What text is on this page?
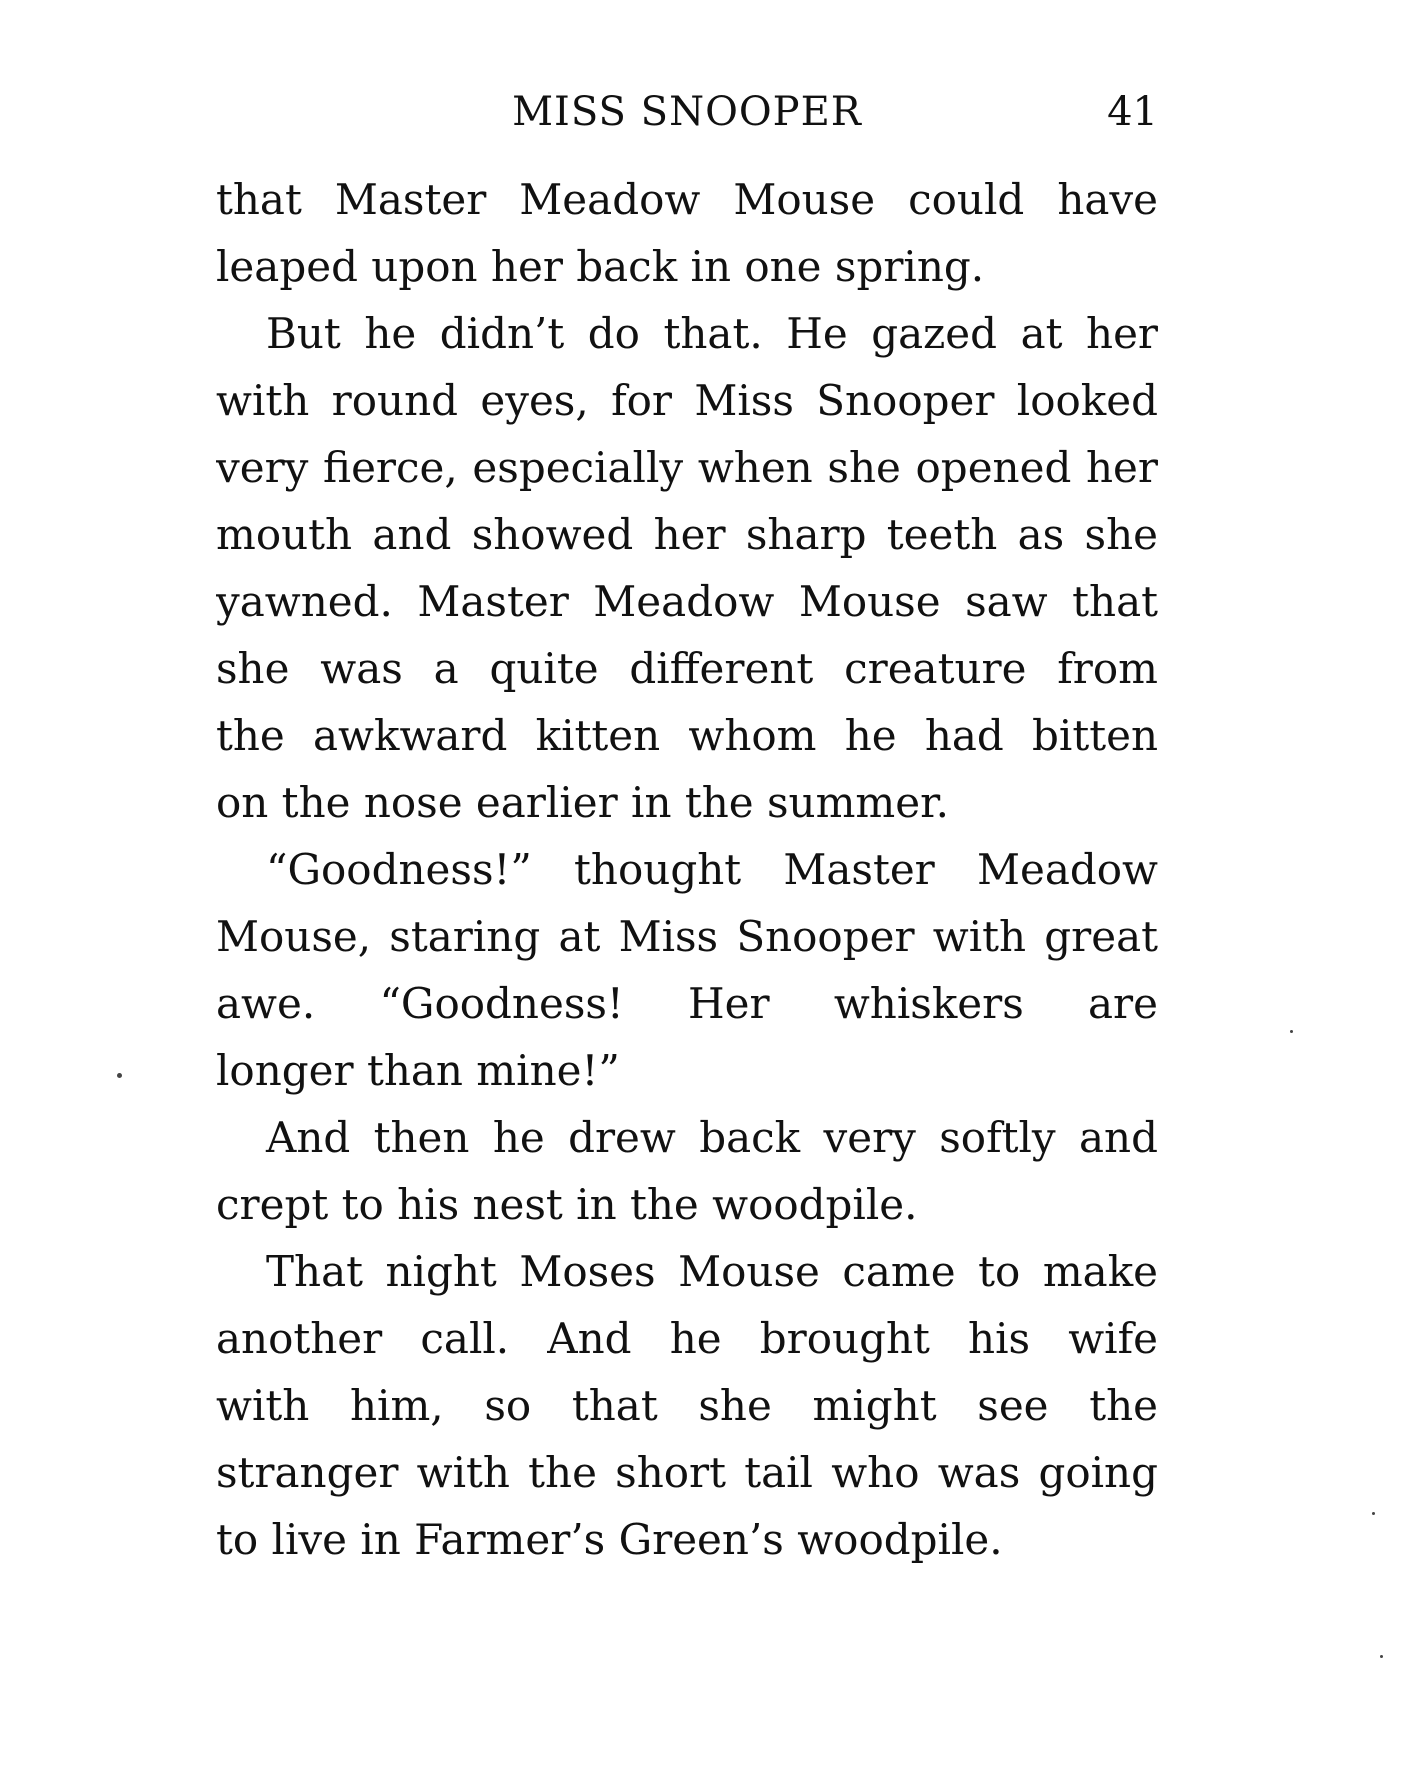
MISS SNOOPER	41
that Master Meadow Mouse could have
leaped upon her back in one spring.
But he didn’t do that. He gazed at her
with round eyes, for Miss Snooper looked
very fierce, especially when she opened her
mouth and showed her sharp teeth as she
yawned. Master Meadow Mouse saw that
she was a quite different creature from
the awkward kitten whom he had bitten
on the nose earlier in the summer.
“Goodness!” thought Master Meadow
Mouse, staring at Miss Snooper with great
awe. “Goodness! Her whiskers are
longer than mine!”
And then he drew back very softly and
crept to his nest in the woodpile.
That night Moses Mouse came to make
another call. And he brought his wife
with him, so that she might see the
stranger with the short tail who was going
to live in Farmer’s Green’s woodpile.
